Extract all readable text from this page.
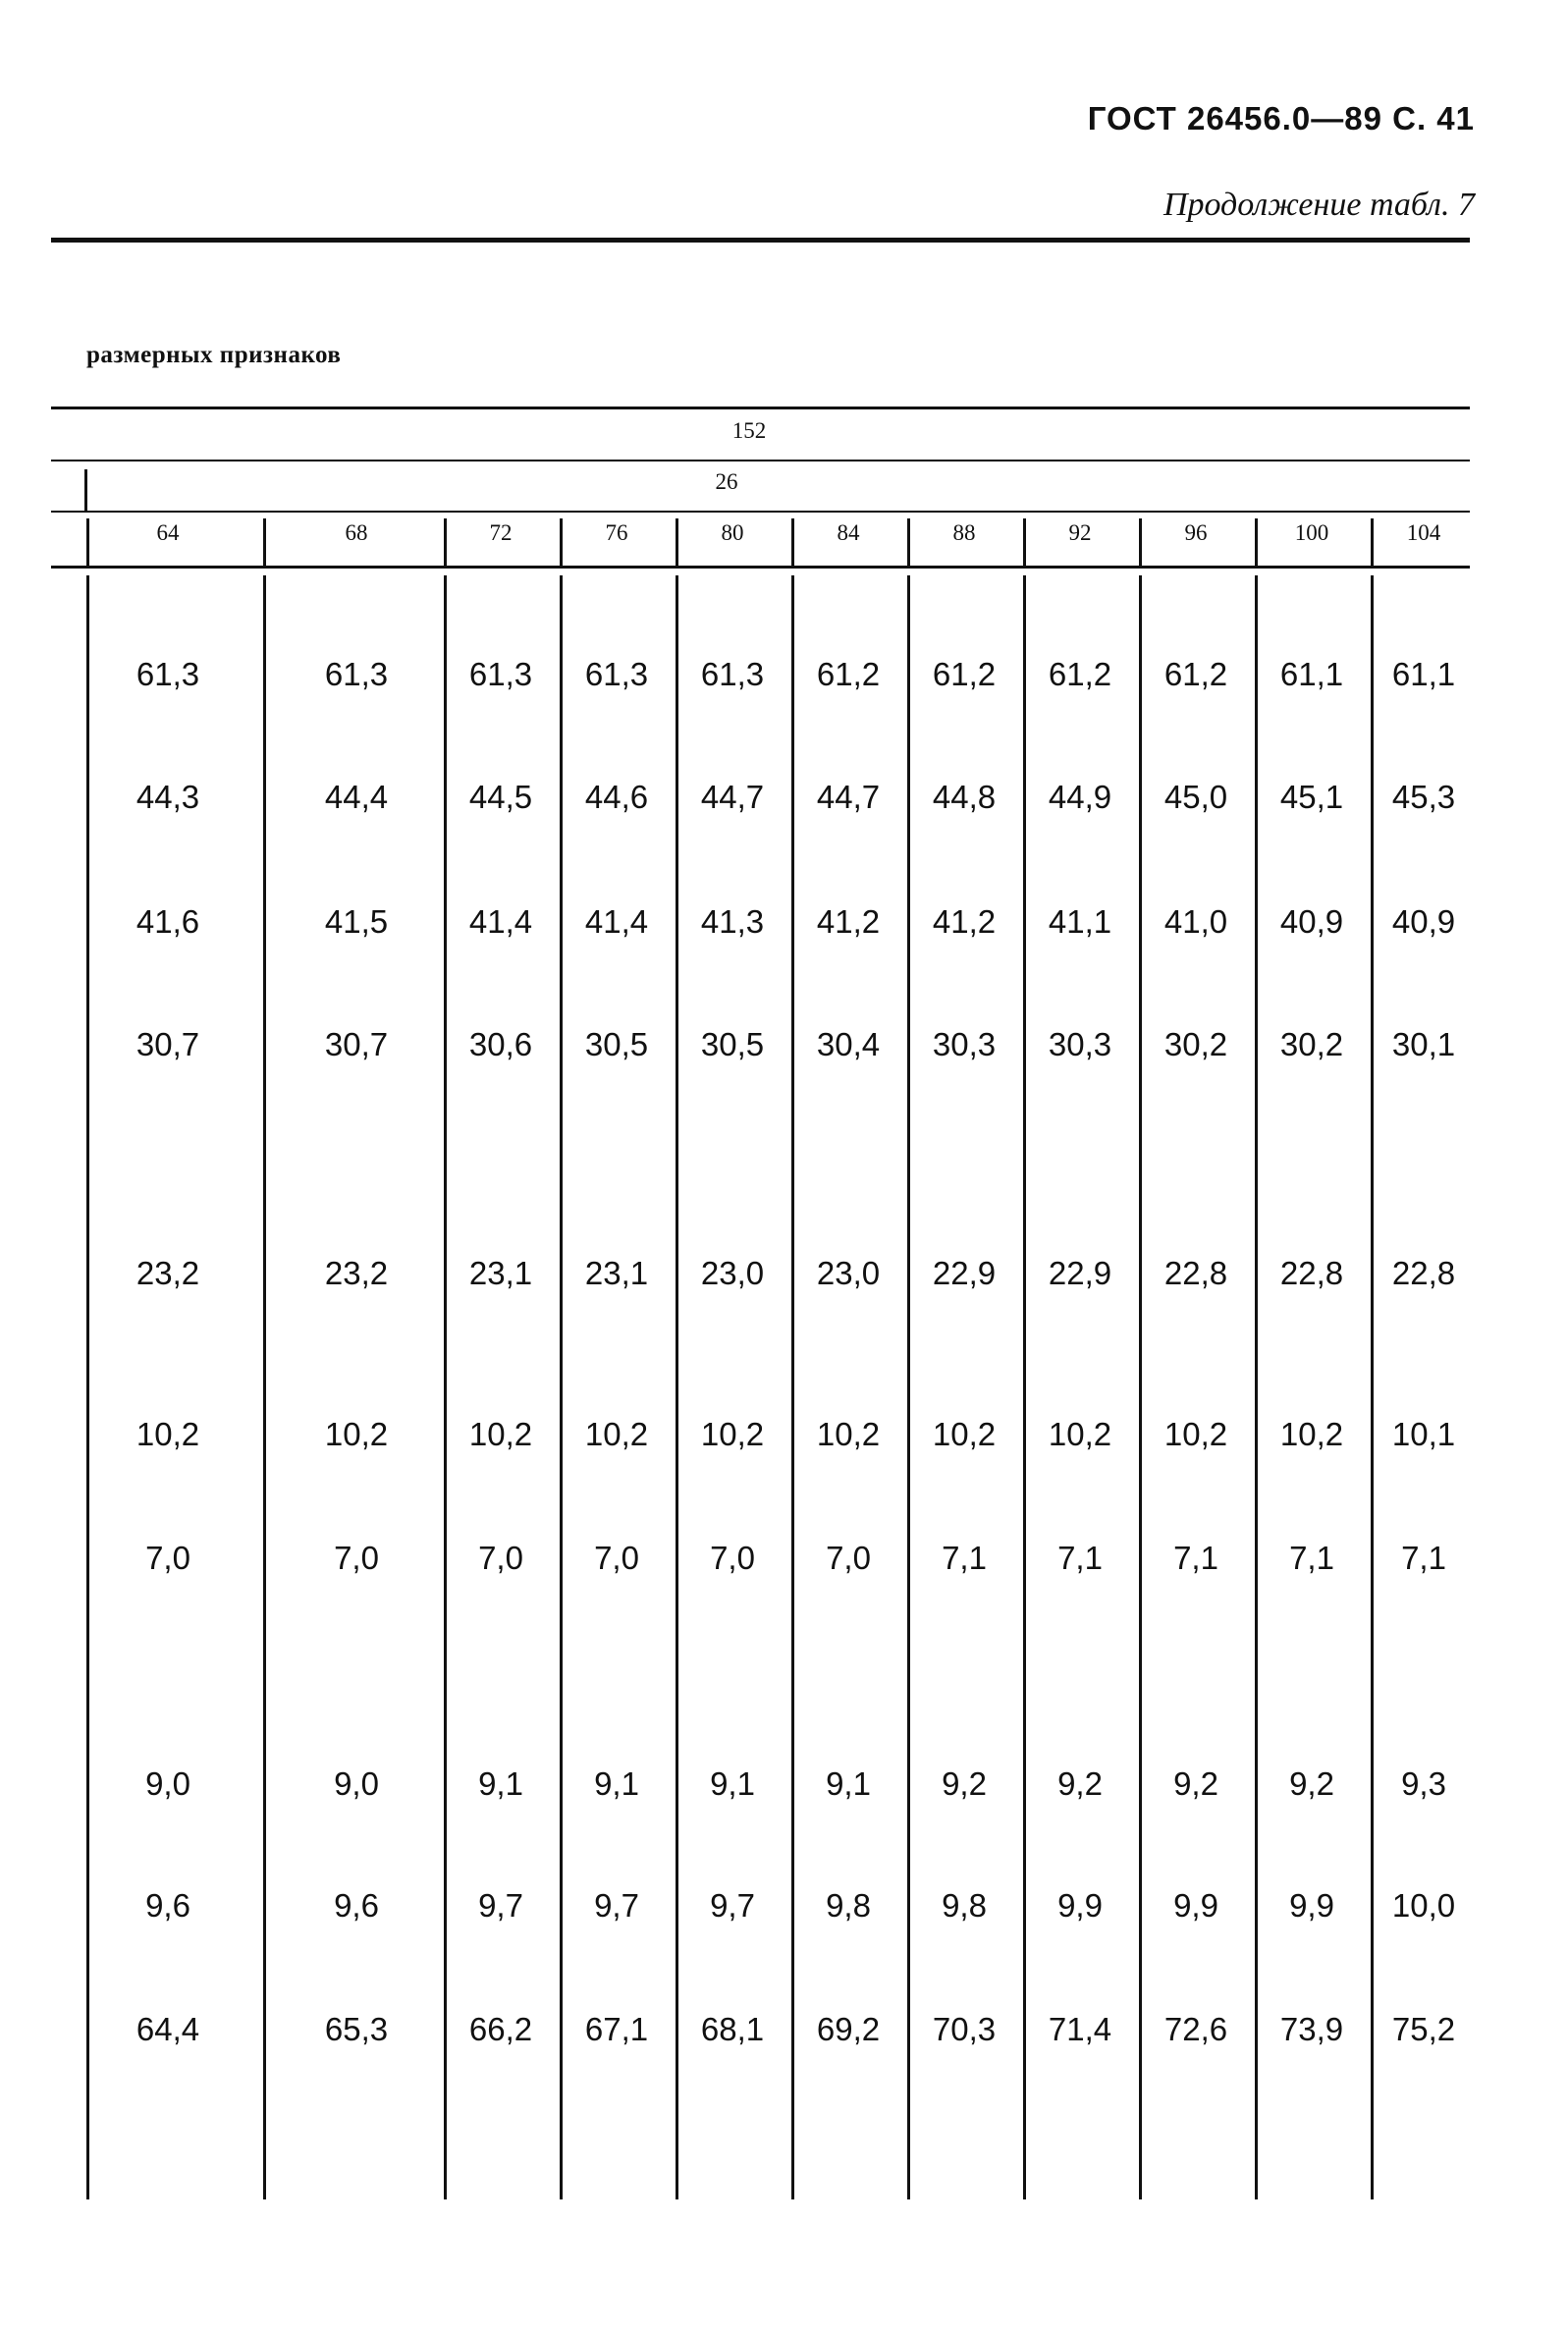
ГОСТ 26456.0—89 С. 41
Продолжение табл. 7
размерных признаков
152
26
64	68	72	76	80	84	88	92	96	100	104
61,3	61,3	61,3 61,3 61,3 61,2 61,2 61,2 61,2 61,1 61,1
44,3	44,4	44,5 44,6 44,7 44,7 44,8 44,9 45,0 45,1 45,3
41,6	41,5	41,4 41,4 41,3 41,2 41,2 41,1 41,0 40,9 40,9
30,7	30,7	30,6 30,5 30,5 30,4 30,3 30,3 30,2 30,2 30,1
23,2	23,2	23,1 23,1 23,0 23,0 22,9 22,9 22,8 22,8 22,8
10,2	10,2	10,2 10,2 10,2 10,2 10,2 10,2 10,2 10,2 10,1
7,0	7,0	7,0 7,0 7,0 7,0 7,1 7,1 7,1 7,1 7,1
9,0	9,0	9,1 9,1 9,1 9,1 9,2 9,2 9,2 9,2 9,3
9,6	9,6	9,7 9,7 9,7 9,8 9,8 9,9 9,9 9,9 10,0
64,4	65,3	66,2 67,1 68,1 69,2 70,3 71,4 72,6 73,9 75,2
